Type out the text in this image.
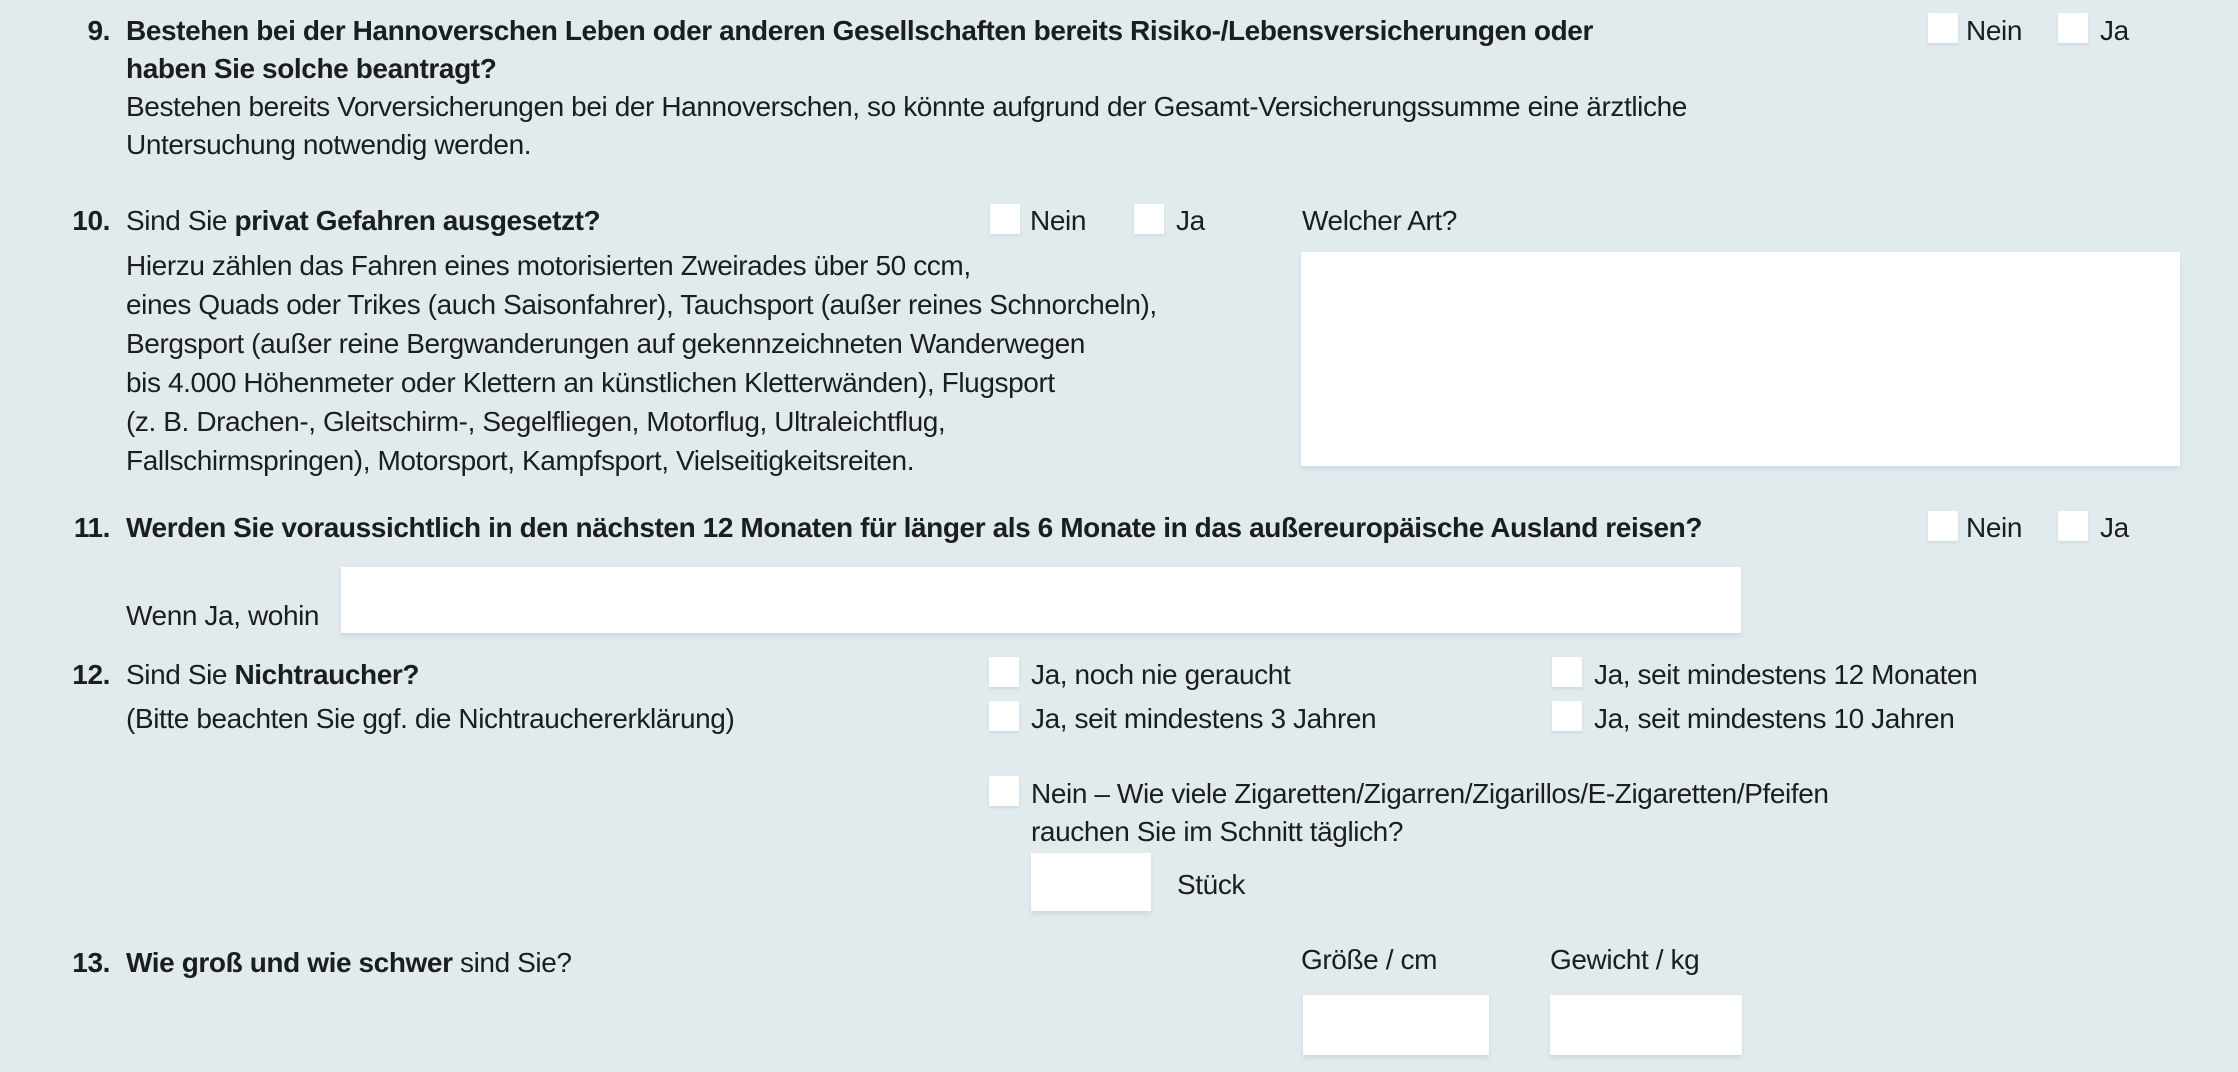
9. Bestehen bei der Hannoverschen Leben oder anderen Gesellschaften bereits Risiko-/Lebensversicherungen oder
haben Sie solche beantragt?
Bestehen bereits Vorversicherungen bei der Hannoverschen, so könnte aufgrund der Gesamt-Versicherungssumme eine ärztliche
Untersuchung notwendig werden.
Nein	Ja
10. Sind Sie privat Gefahren ausgesetzt?	Nein	Ja	Welcher Art?
Hierzu zählen das Fahren eines motorisierten Zweirades über 50 ccm,
eines Quads oder Trikes (auch Saisonfahrer), Tauchsport (außer reines Schnorcheln),
Bergsport (außer reine Bergwanderungen auf gekennzeichneten Wanderwegen
bis 4.000 Höhenmeter oder Klettern an künstlichen Kletterwänden), Flugsport
(z. B. Drachen-, Gleitschirm-, Segelfliegen, Motorflug, Ultraleichtflug,
Fallschirmspringen), Motorsport, Kampfsport, Vielseitigkeitsreiten.
11. Werden Sie voraussichtlich in den nächsten 12 Monaten für länger als 6 Monate in das außereuropäische Ausland reisen?	Nein	Ja
Wenn Ja, wohin
12. Sind Sie Nichtraucher?
(Bitte beachten Sie ggf. die Nichtrauchererklärung)
Ja, noch nie geraucht	Ja, seit mindestens 12 Monaten
Ja, seit mindestens 3 Jahren	Ja, seit mindestens 10 Jahren
Nein – Wie viele Zigaretten/Zigarren/Zigarillos/E-Zigaretten/Pfeifen
rauchen Sie im Schnitt täglich?
Stück
13. Wie groß und wie schwer sind Sie?	Größe / cm	Gewicht / kg
